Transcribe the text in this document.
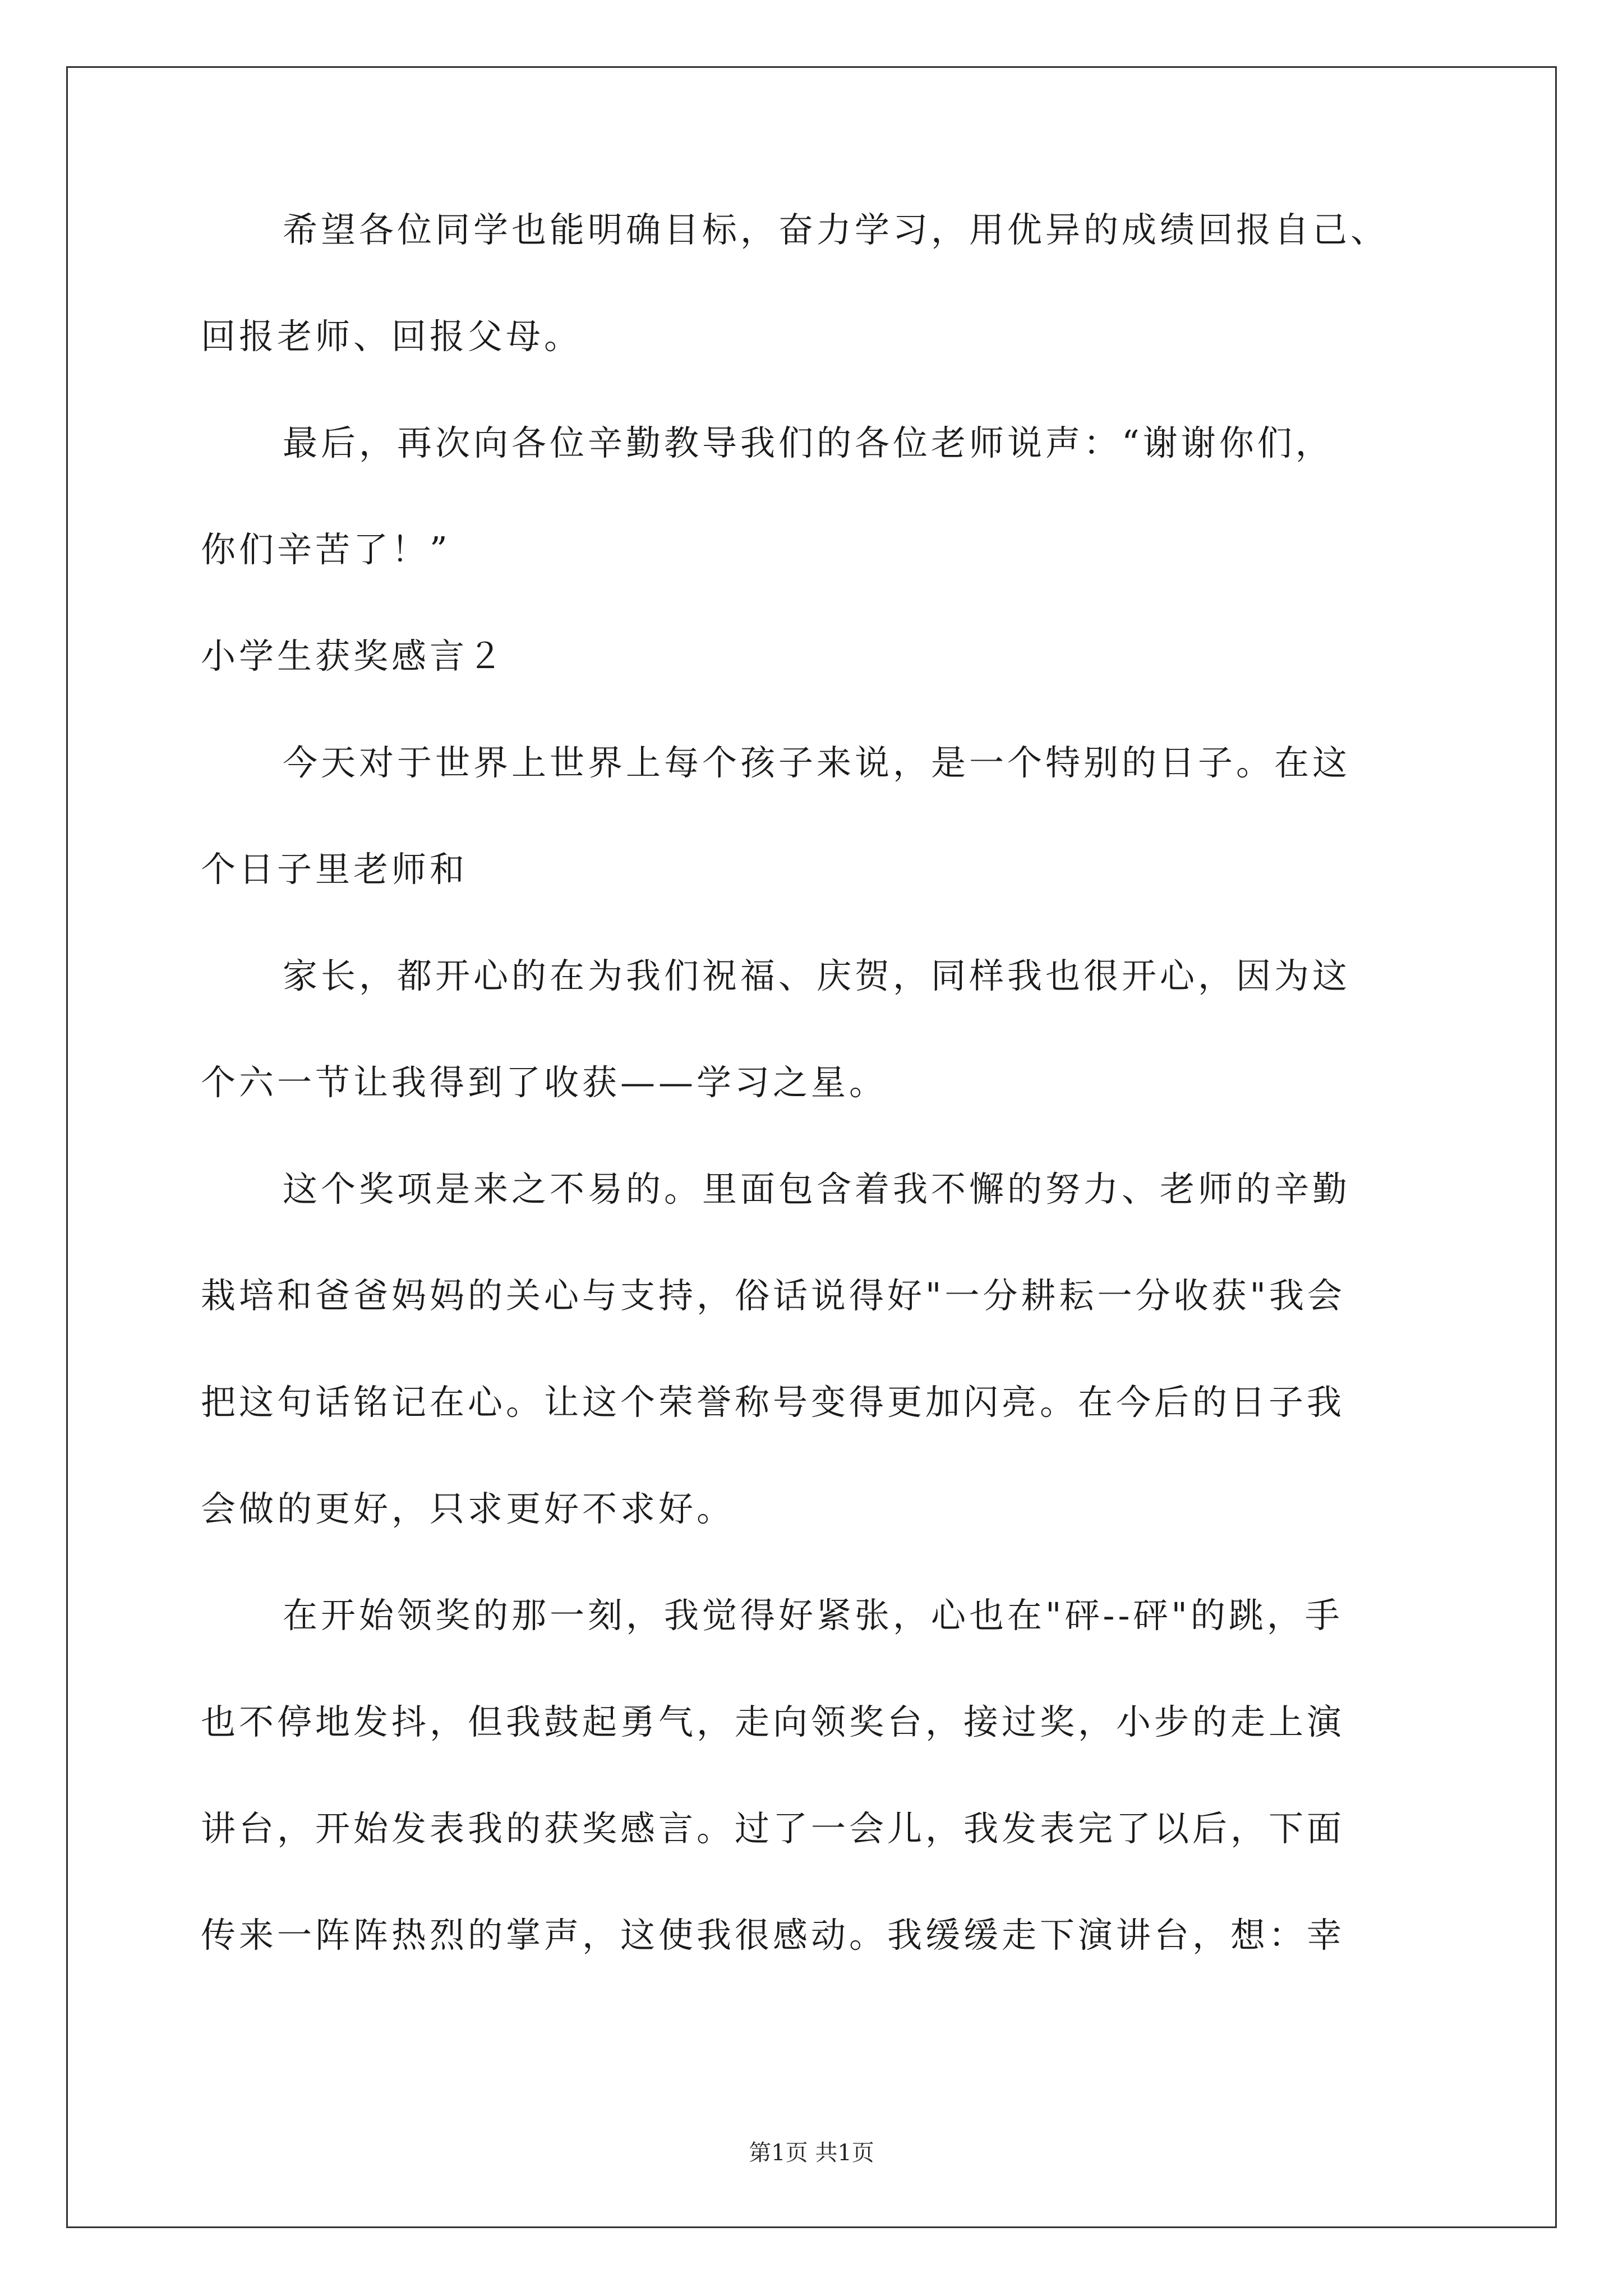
希望各位同学也能明确目标，奋力学习，用优异的成绩回报自己、
回报老师、回报父母。
最后，再次向各位辛勤教导我们的各位老师说声：“谢谢你们，
你们辛苦了！”
小学生获奖感言２
今天对于世界上世界上每个孩子来说，是一个特别的日子。在这
个日子里老师和
家长，都开心的在为我们祝福、庆贺，同样我也很开心，因为这
个六一节让我得到了收获——学习之星。
这个奖项是来之不易的。里面包含着我不懈的努力、老师的辛勤
栽培和爸爸妈妈的关心与支持，俗话说得好"一分耕耘一分收获"我会
把这句话铭记在心。让这个荣誉称号变得更加闪亮。在今后的日子我
会做的更好，只求更好不求好。
在开始领奖的那一刻，我觉得好紧张，心也在"砰--砰"的跳，手
也不停地发抖，但我鼓起勇气，走向领奖台，接过奖，小步的走上演
讲台，开始发表我的获奖感言。过了一会儿，我发表完了以后，下面
传来一阵阵热烈的掌声，这使我很感动。我缓缓走下演讲台，想：幸
第1页 共1页
